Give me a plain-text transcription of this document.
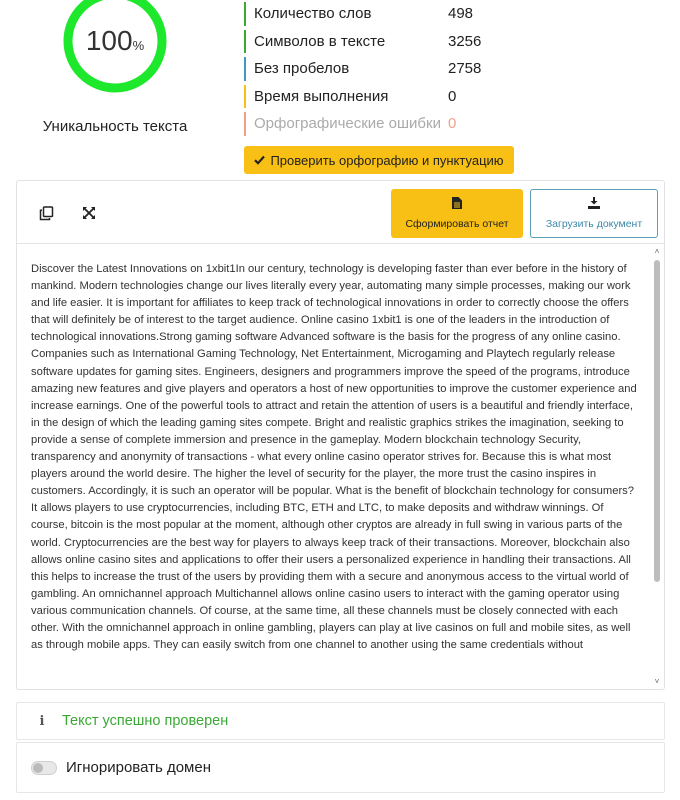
100 %
Уникальность текста
Количество слов	498
Символов в тексте	3256
Без пробелов	2758
Время выполнения	0
Орфографические ошибки 0
Проверить орфографию и пунктуацию
Сформировать отчет	Загрузить документ

Discover the Latest Innovations on 1xbit1In our century, technology is developing faster than ever before in the history of mankind. Modern technologies change our lives literally every year, automating many simple processes, making our work and life easier. It is important for affiliates to keep track of technological innovations in order to correctly choose the offers that will definitely be of interest to the target audience. Online casino 1xbit1 is one of the leaders in the introduction of technological innovations.Strong gaming software Advanced software is the basis for the progress of any online casino. Companies such as International Gaming Technology, Net Entertainment, Microgaming and Playtech regularly release software updates for gaming sites. Engineers, designers and programmers improve the speed of the programs, introduce amazing new features and give players and operators a host of new opportunities to improve the customer experience and increase earnings. One of the powerful tools to attract and retain the attention of users is a beautiful and friendly interface, in the design of which the leading gaming sites compete. Bright and realistic graphics strikes the imagination, seeking to provide a sense of complete immersion and presence in the gameplay. Modern blockchain technology Security, transparency and anonymity of transactions - what every online casino operator strives for. Because this is what most players around the world desire. The higher the level of security for the player, the more trust the casino inspires in customers. Accordingly, it is such an operator will be popular. What is the benefit of blockchain technology for consumers? It allows players to use cryptocurrencies, including BTC, ETH and LTC, to make deposits and withdraw winnings. Of course, bitcoin is the most popular at the moment, although other cryptos are already in full swing in various parts of the world. Cryptocurrencies are the best way for players to always keep track of their transactions. Moreover, blockchain also allows online casino sites and applications to offer their users a personalized experience in handling their transactions. All this helps to increase the trust of the users by providing them with a secure and anonymous access to the virtual world of gambling. An omnichannel approach Multichannel allows online casino users to interact with the gaming operator using various communication channels. Of course, at the same time, all these channels must be closely connected with each other. With the omnichannel approach in online gambling, players can play at live casinos on full and mobile sites, as well as through mobile apps. They can easily switch from one channel to another using the same credentials without

˄
˅
i	Текст успешно проверен
Игнорировать домен
